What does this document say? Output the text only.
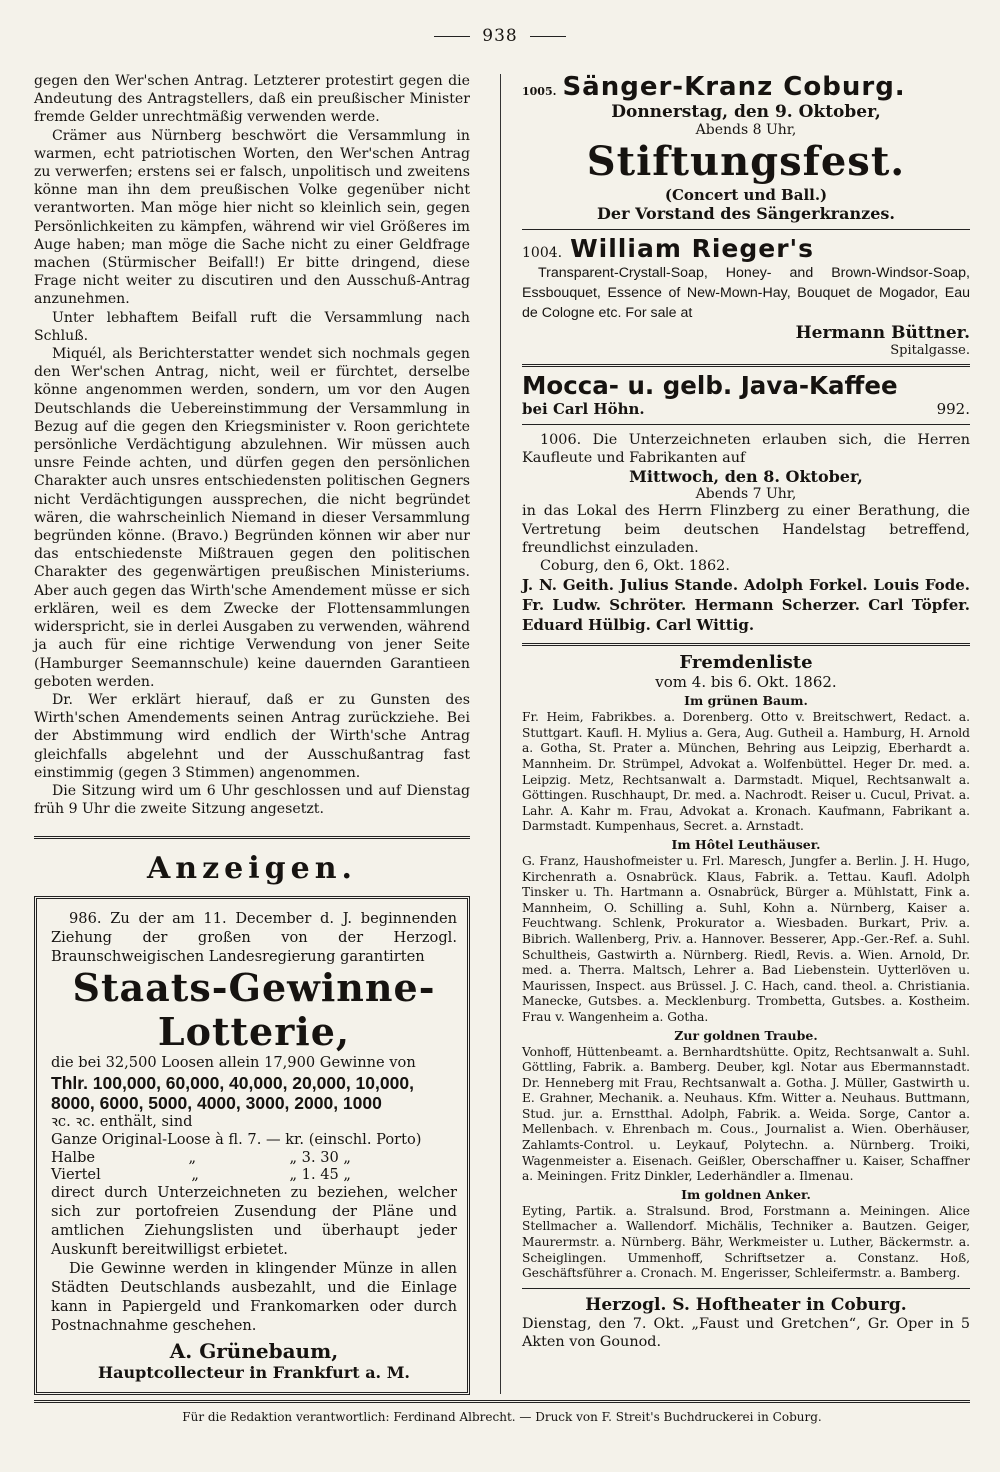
938

gegen den Wer'schen Antrag. Letzterer protestirt gegen die Andeutung des Antragstellers, daß ein preußischer Minister fremde Gelder unrechtmäßig verwenden werde.

Crämer aus Nürnberg beschwört die Versammlung in warmen, echt patriotischen Worten, den Wer'schen Antrag zu verwerfen; erstens sei er falsch, unpolitisch und zweitens könne man ihn dem preußischen Volke gegenüber nicht verantworten. Man möge hier nicht so kleinlich sein, gegen Persönlichkeiten zu kämpfen, während wir viel Größeres im Auge haben; man möge die Sache nicht zu einer Geldfrage machen (Stürmischer Beifall!) Er bitte dringend, diese Frage nicht weiter zu discutiren und den Ausschuß-Antrag anzunehmen.

Unter lebhaftem Beifall ruft die Versammlung nach Schluß.

Miquél, als Berichterstatter wendet sich nochmals gegen den Wer'schen Antrag, nicht, weil er fürchtet, derselbe könne angenommen werden, sondern, um vor den Augen Deutschlands die Uebereinstimmung der Versammlung in Bezug auf die gegen den Kriegsminister v. Roon gerichtete persönliche Verdächtigung abzulehnen. Wir müssen auch unsre Feinde achten, und dürfen gegen den persönlichen Charakter auch unsres entschiedensten politischen Gegners nicht Verdächtigungen aussprechen, die nicht begründet wären, die wahrscheinlich Niemand in dieser Versammlung begründen könne. (Bravo.) Begründen können wir aber nur das entschiedenste Mißtrauen gegen den politischen Charakter des gegenwärtigen preußischen Ministeriums. Aber auch gegen das Wirth'sche Amendement müsse er sich erklären, weil es dem Zwecke der Flottensammlungen widerspricht, sie in derlei Ausgaben zu verwenden, während ja auch für eine richtige Verwendung von jener Seite (Hamburger Seemannschule) keine dauernden Garantieen geboten werden.

Dr. Wer erklärt hierauf, daß er zu Gunsten des Wirth'schen Amendements seinen Antrag zurückziehe. Bei der Abstimmung wird endlich der Wirth'sche Antrag gleichfalls abgelehnt und der Ausschußantrag fast einstimmig (gegen 3 Stimmen) angenommen.

Die Sitzung wird um 6 Uhr geschlossen und auf Dienstag früh 9 Uhr die zweite Sitzung angesetzt.

Anzeigen.

986. Zu der am 11. December d. J. beginnenden Ziehung der großen von der Herzogl. Braunschweigischen Landesregierung garantirten

Staats-Gewinne-Lotterie,

die bei 32,500 Loosen allein 17,900 Gewinne von

Thlr. 100,000, 60,000, 40,000, 20,000, 10,000,
8000, 6000, 5000, 4000, 3000, 2000, 1000

ꝛc. ꝛc. enthält, sind

Ganze Original-Loose à fl. 7. — kr. (einschl. Porto)

Halbe	„	„ 3. 30 „
Viertel	„	„ 1. 45 „

direct durch Unterzeichneten zu beziehen, welcher sich zur portofreien Zusendung der Pläne und amtlichen Ziehungslisten und überhaupt jeder Auskunft bereitwilligst erbietet.

Die Gewinne werden in klingender Münze in allen Städten Deutschlands ausbezahlt, und die Einlage kann in Papiergeld und Frankomarken oder durch Postnachnahme geschehen.

A. Grünebaum,
Hauptcollecteur in Frankfurt a. M.
1005. Sänger-Kranz Coburg.
Donnerstag, den 9. Oktober,
Abends 8 Uhr,
Stiftungsfest.
(Concert und Ball.)
Der Vorstand des Sängerkranzes.
1004. William Rieger's

Transparent-Crystall-Soap, Honey- and Brown-Windsor-Soap, Essbouquet, Essence of New-Mown-Hay, Bouquet de Mogador, Eau de Cologne etc. For sale at

Hermann Büttner.
Spitalgasse.
Mocca- u. gelb. Java-Kaffee
bei Carl Höhn.	992.

1006. Die Unterzeichneten erlauben sich, die Herren Kaufleute und Fabrikanten auf

Mittwoch, den 8. Oktober,
Abends 7 Uhr,

in das Lokal des Herrn Flinzberg zu einer Berathung, die Vertretung beim deutschen Handelstag betreffend, freundlichst einzuladen.

Coburg, den 6, Okt. 1862.

J. N. Geith. Julius Stande. Adolph Forkel. Louis Fode. Fr. Ludw. Schröter. Hermann Scherzer. Carl Töpfer. Eduard Hülbig. Carl Wittig.

Fremdenliste
vom 4. bis 6. Okt. 1862.
Im grünen Baum.

Fr. Heim, Fabrikbes. a. Dorenberg. Otto v. Breitschwert, Redact. a. Stuttgart. Kaufl. H. Mylius a. Gera, Aug. Gutheil a. Hamburg, H. Arnold a. Gotha, St. Prater a. München, Behring aus Leipzig, Eberhardt a. Mannheim. Dr. Strümpel, Advokat a. Wolfenbüttel. Heger Dr. med. a. Leipzig. Metz, Rechtsanwalt a. Darmstadt. Miquel, Rechtsanwalt a. Göttingen. Ruschhaupt, Dr. med. a. Nachrodt. Reiser u. Cucul, Privat. a. Lahr. A. Kahr m. Frau, Advokat a. Kronach. Kaufmann, Fabrikant a. Darmstadt. Kumpenhaus, Secret. a. Arnstadt.

Im Hôtel Leuthäuser.

G. Franz, Haushofmeister u. Frl. Maresch, Jungfer a. Berlin. J. H. Hugo, Kirchenrath a. Osnabrück. Klaus, Fabrik. a. Tettau. Kaufl. Adolph Tinsker u. Th. Hartmann a. Osnabrück, Bürger a. Mühlstatt, Fink a. Mannheim, O. Schilling a. Suhl, Kohn a. Nürnberg, Kaiser a. Feuchtwang. Schlenk, Prokurator a. Wiesbaden. Burkart, Priv. a. Bibrich. Wallenberg, Priv. a. Hannover. Besserer, App.-Ger.-Ref. a. Suhl. Schultheis, Gastwirth a. Nürnberg. Riedl, Revis. a. Wien. Arnold, Dr. med. a. Therra. Maltsch, Lehrer a. Bad Liebenstein. Uytterlöven u. Maurissen, Inspect. aus Brüssel. J. C. Hach, cand. theol. a. Christiania. Manecke, Gutsbes. a. Mecklenburg. Trombetta, Gutsbes. a. Kostheim. Frau v. Wangenheim a. Gotha.

Zur goldnen Traube.

Vonhoff, Hüttenbeamt. a. Bernhardtshütte. Opitz, Rechtsanwalt a. Suhl. Göttling, Fabrik. a. Bamberg. Deuber, kgl. Notar aus Ebermannstadt. Dr. Henneberg mit Frau, Rechtsanwalt a. Gotha. J. Müller, Gastwirth u. E. Grahner, Mechanik. a. Neuhaus. Kfm. Witter a. Neuhaus. Buttmann, Stud. jur. a. Ernstthal. Adolph, Fabrik. a. Weida. Sorge, Cantor a. Mellenbach. v. Ehrenbach m. Cous., Journalist a. Wien. Oberhäuser, Zahlamts-Control. u. Leykauf, Polytechn. a. Nürnberg. Troiki, Wagenmeister a. Eisenach. Geißler, Oberschaffner u. Kaiser, Schaffner a. Meiningen. Fritz Dinkler, Lederhändler a. Ilmenau.

Im goldnen Anker.

Eyting, Partik. a. Stralsund. Brod, Forstmann a. Meiningen. Alice Stellmacher a. Wallendorf. Michälis, Techniker a. Bautzen. Geiger, Maurermstr. a. Nürnberg. Bähr, Werkmeister u. Luther, Bäckermstr. a. Scheiglingen. Ummenhoff, Schriftsetzer a. Constanz. Hoß, Geschäftsführer a. Cronach. M. Engerisser, Schleifermstr. a. Bamberg.

Herzogl. S. Hoftheater in Coburg.

Dienstag, den 7. Okt. „Faust und Gretchen“, Gr. Oper in 5 Akten von Gounod.

Für die Redaktion verantwortlich: Ferdinand Albrecht. — Druck von F. Streit's Buchdruckerei in Coburg.
